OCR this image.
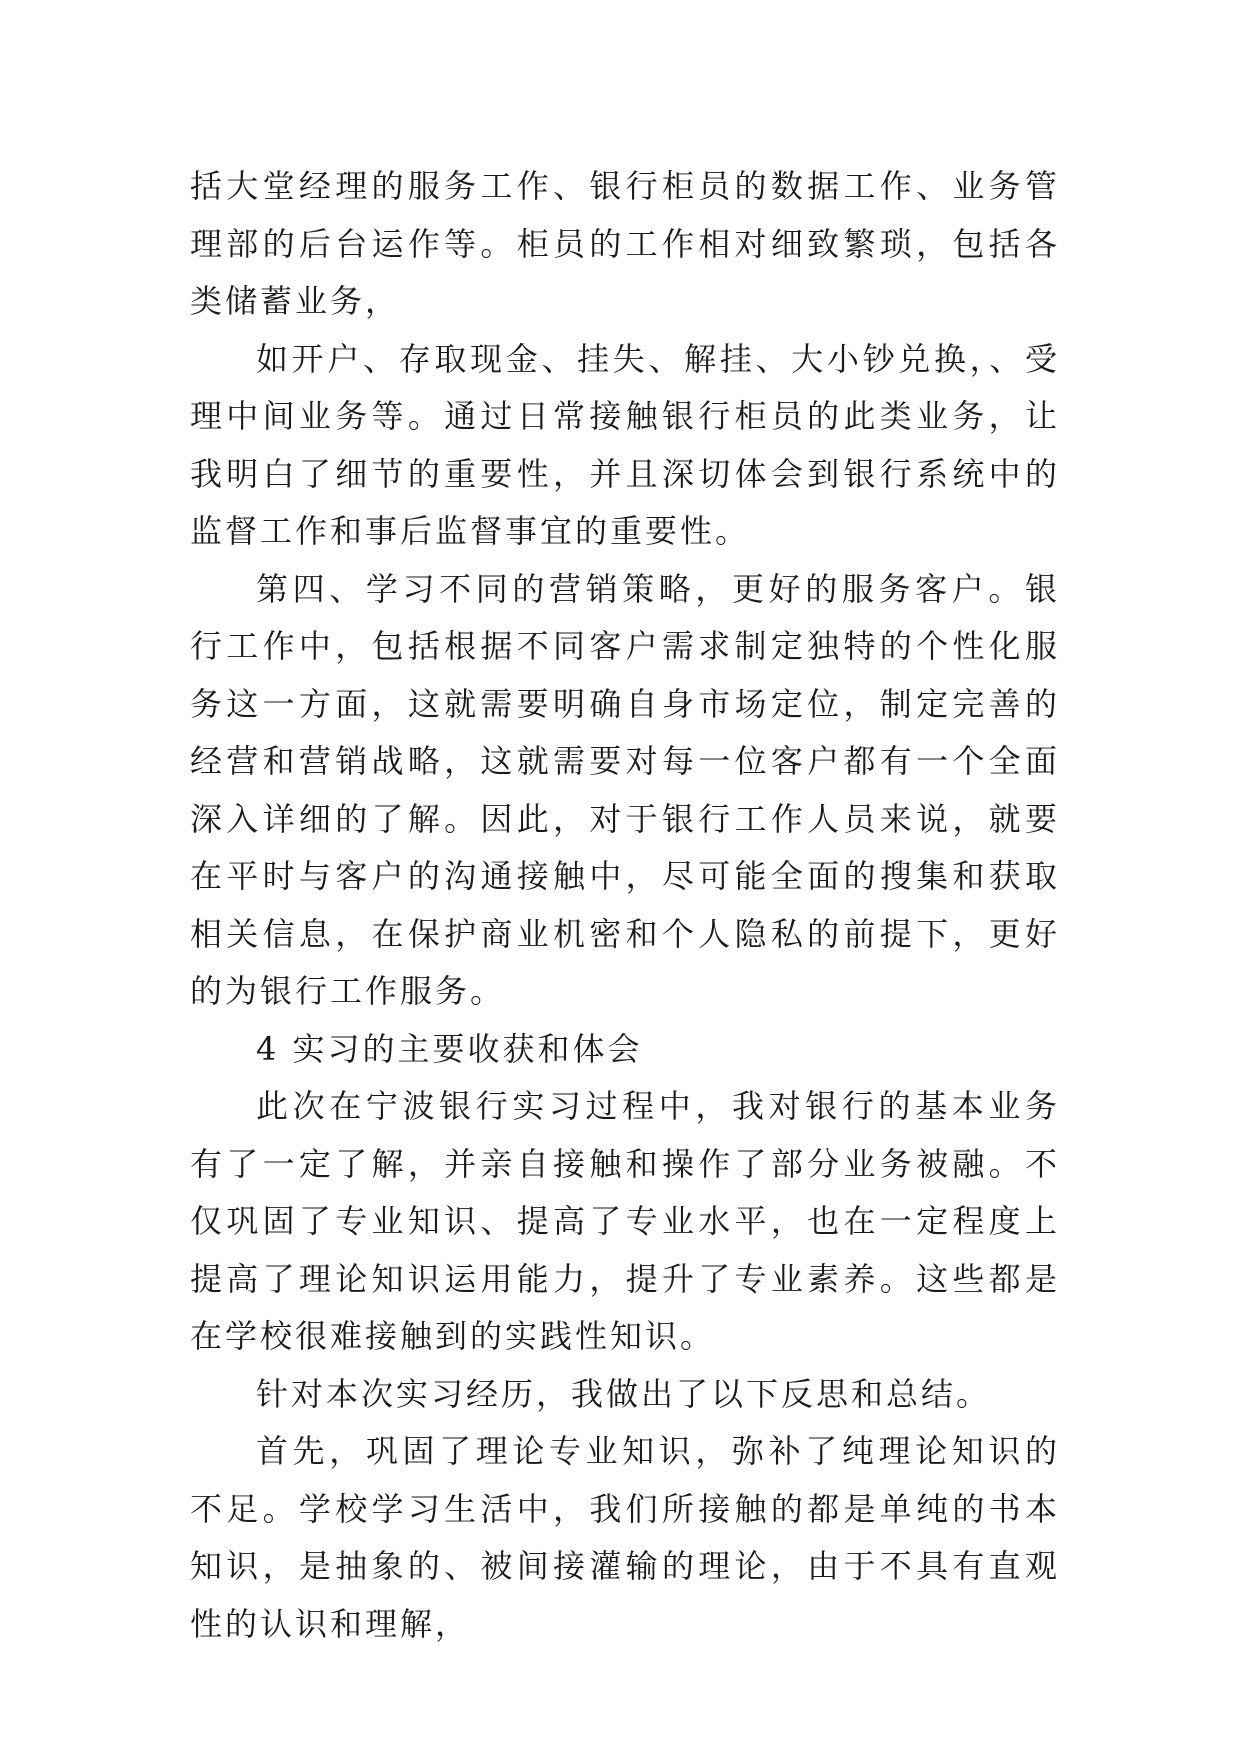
括大堂经理的服务工作、银行柜员的数据工作、业务管理部的后台运作等。柜员的工作相对细致繁琐，包括各类储蓄业务，

如开户、存取现金、挂失、解挂、大小钞兑换，、受理中间业务等。通过日常接触银行柜员的此类业务，让我明白了细节的重要性，并且深切体会到银行系统中的监督工作和事后监督事宜的重要性。

第四、学习不同的营销策略，更好的服务客户。银行工作中，包括根据不同客户需求制定独特的个性化服务这一方面，这就需要明确自身市场定位，制定完善的经营和营销战略，这就需要对每一位客户都有一个全面深入详细的了解。因此，对于银行工作人员来说，就要在平时与客户的沟通接触中，尽可能全面的搜集和获取相关信息，在保护商业机密和个人隐私的前提下，更好的为银行工作服务。

4 实习的主要收获和体会

此次在宁波银行实习过程中，我对银行的基本业务有了一定了解，并亲自接触和操作了部分业务被融。不仅巩固了专业知识、提高了专业水平，也在一定程度上提高了理论知识运用能力，提升了专业素养。这些都是在学校很难接触到的实践性知识。

针对本次实习经历，我做出了以下反思和总结。

首先，巩固了理论专业知识，弥补了纯理论知识的不足。学校学习生活中，我们所接触的都是单纯的书本知识，是抽象的、被间接灌输的理论，由于不具有直观性的认识和理解，
